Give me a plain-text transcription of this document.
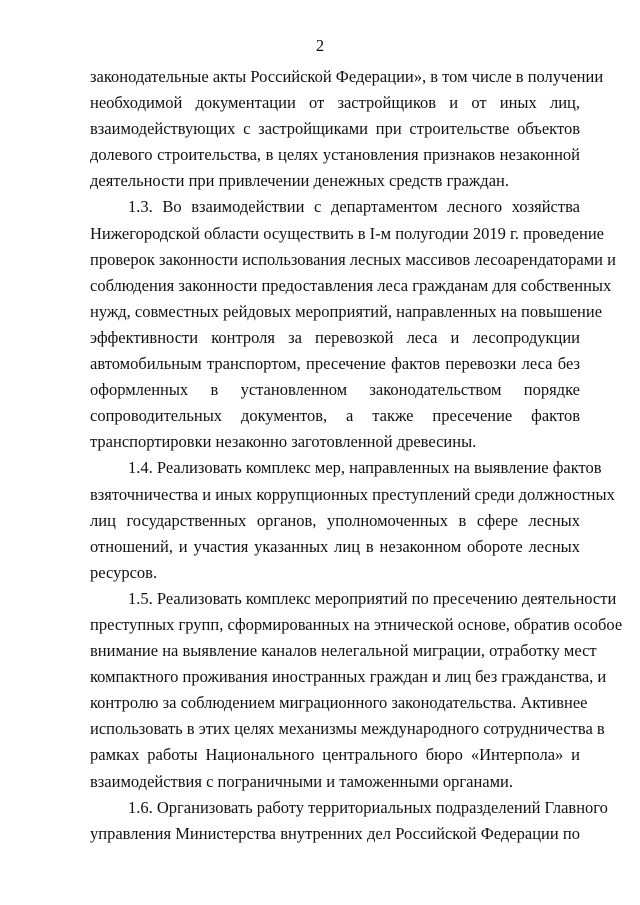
2
законодательные акты Российской Федерации», в том числе в получении
необходимой документации от застройщиков и от иных лиц,
взаимодействующих с застройщиками при строительстве объектов
долевого строительства, в целях установления признаков незаконной
деятельности при привлечении денежных средств граждан.
1.3. Во взаимодействии с департаментом лесного хозяйства
Нижегородской области осуществить в I-м полугодии 2019 г. проведение
проверок законности использования лесных массивов лесоарендаторами и
соблюдения законности предоставления леса гражданам для собственных
нужд, совместных рейдовых мероприятий, направленных на повышение
эффективности контроля за перевозкой леса и лесопродукции
автомобильным транспортом, пресечение фактов перевозки леса без
оформленных в установленном законодательством порядке
сопроводительных документов, а также пресечение фактов
транспортировки незаконно заготовленной древесины.
1.4. Реализовать комплекс мер, направленных на выявление фактов
взяточничества и иных коррупционных преступлений среди должностных
лиц государственных органов, уполномоченных в сфере лесных
отношений, и участия указанных лиц в незаконном обороте лесных
ресурсов.
1.5. Реализовать комплекс мероприятий по пресечению деятельности
преступных групп, сформированных на этнической основе, обратив особое
внимание на выявление каналов нелегальной миграции, отработку мест
компактного проживания иностранных граждан и лиц без гражданства, и
контролю за соблюдением миграционного законодательства. Активнее
использовать в этих целях механизмы международного сотрудничества в
рамках работы Национального центрального бюро «Интерпола» и
взаимодействия с пограничными и таможенными органами.
1.6. Организовать работу территориальных подразделений Главного
управления Министерства внутренних дел Российской Федерации по
